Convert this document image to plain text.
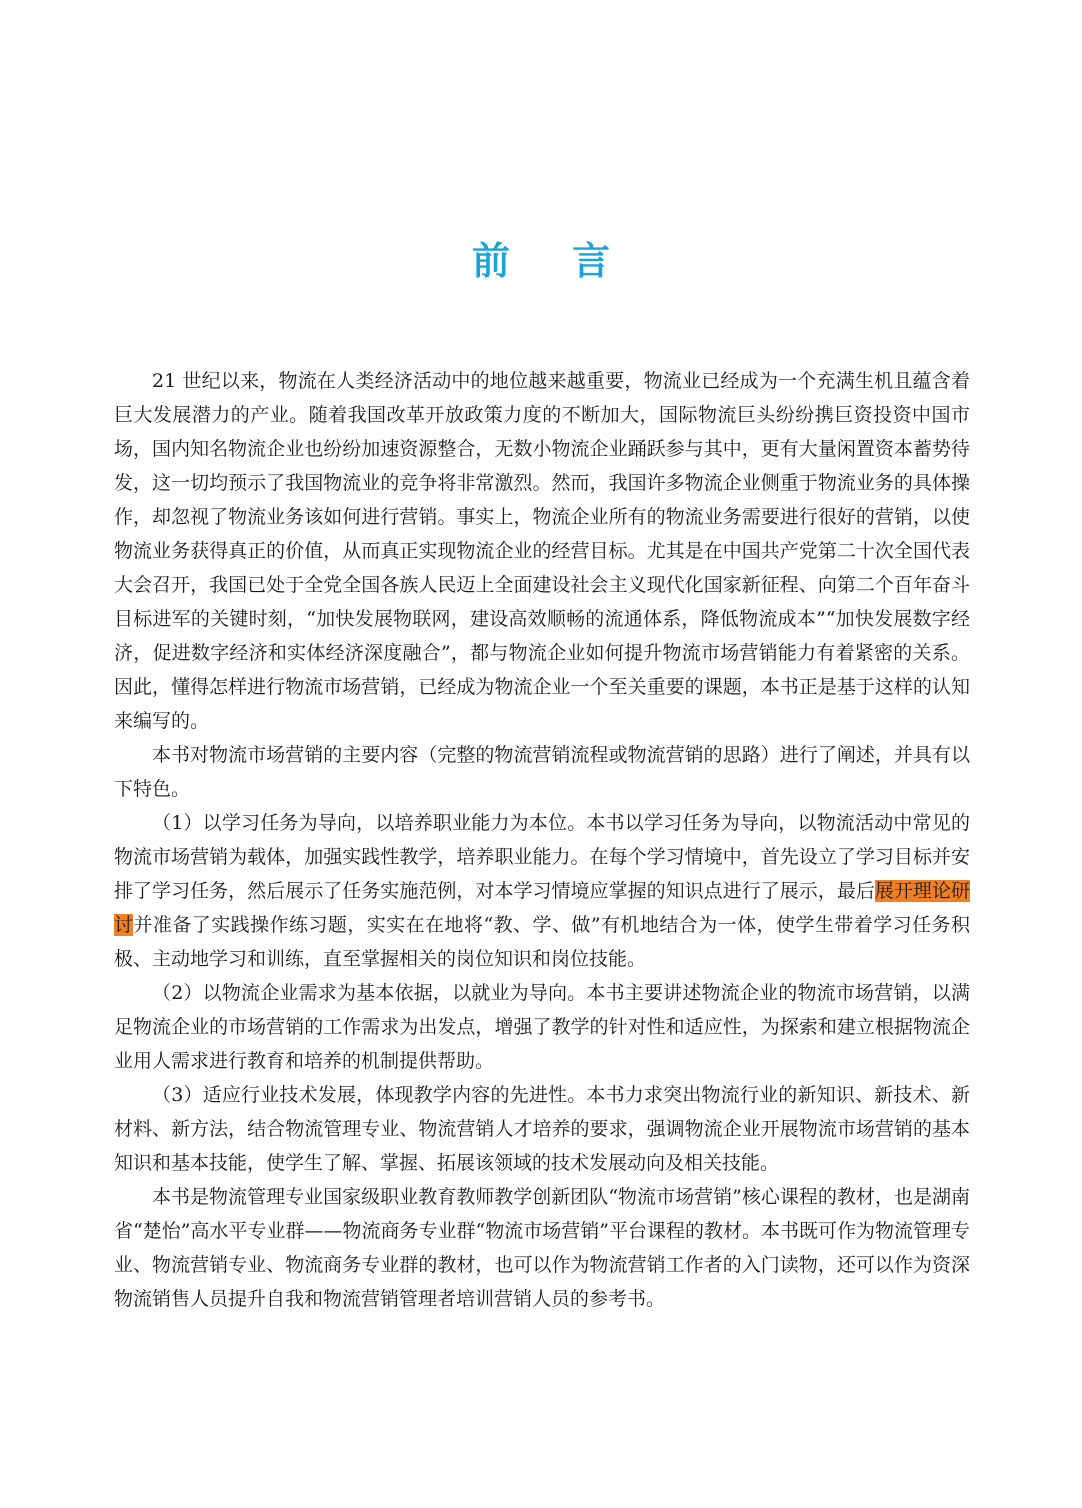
前 言

21 世纪以来，物流在人类经济活动中的地位越来越重要，物流业已经成为一个充满生机且蕴含着巨大发展潜力的产业。随着我国改革开放政策力度的不断加大，国际物流巨头纷纷携巨资投资中国市场，国内知名物流企业也纷纷加速资源整合，无数小物流企业踊跃参与其中，更有大量闲置资本蓄势待发，这一切均预示了我国物流业的竞争将非常激烈。然而，我国许多物流企业侧重于物流业务的具体操作，却忽视了物流业务该如何进行营销。事实上，物流企业所有的物流业务需要进行很好的营销，以使物流业务获得真正的价值，从而真正实现物流企业的经营目标。尤其是在中国共产党第二十次全国代表大会召开，我国已处于全党全国各族人民迈上全面建设社会主义现代化国家新征程、向第二个百年奋斗目标进军的关键时刻，“加快发展物联网，建设高效顺畅的流通体系，降低物流成本”“加快发展数字经济，促进数字经济和实体经济深度融合”，都与物流企业如何提升物流市场营销能力有着紧密的关系。因此，懂得怎样进行物流市场营销，已经成为物流企业一个至关重要的课题，本书正是基于这样的认知来编写的。

本书对物流市场营销的主要内容（完整的物流营销流程或物流营销的思路）进行了阐述，并具有以下特色。

（1）以学习任务为导向，以培养职业能力为本位。本书以学习任务为导向，以物流活动中常见的物流市场营销为载体，加强实践性教学，培养职业能力。在每个学习情境中，首先设立了学习目标并安排了学习任务，然后展示了任务实施范例，对本学习情境应掌握的知识点进行了展示，最后展开理论研讨并准备了实践操作练习题，实实在在地将“教、学、做”有机地结合为一体，使学生带着学习任务积极、主动地学习和训练，直至掌握相关的岗位知识和岗位技能。

（2）以物流企业需求为基本依据，以就业为导向。本书主要讲述物流企业的物流市场营销，以满足物流企业的市场营销的工作需求为出发点，增强了教学的针对性和适应性，为探索和建立根据物流企业用人需求进行教育和培养的机制提供帮助。

（3）适应行业技术发展，体现教学内容的先进性。本书力求突出物流行业的新知识、新技术、新材料、新方法，结合物流管理专业、物流营销人才培养的要求，强调物流企业开展物流市场营销的基本知识和基本技能，使学生了解、掌握、拓展该领域的技术发展动向及相关技能。

本书是物流管理专业国家级职业教育教师教学创新团队“物流市场营销”核心课程的教材，也是湖南省“楚怡”高水平专业群——物流商务专业群“物流市场营销”平台课程的教材。本书既可作为物流管理专业、物流营销专业、物流商务专业群的教材，也可以作为物流营销工作者的入门读物，还可以作为资深物流销售人员提升自我和物流营销管理者培训营销人员的参考书。
